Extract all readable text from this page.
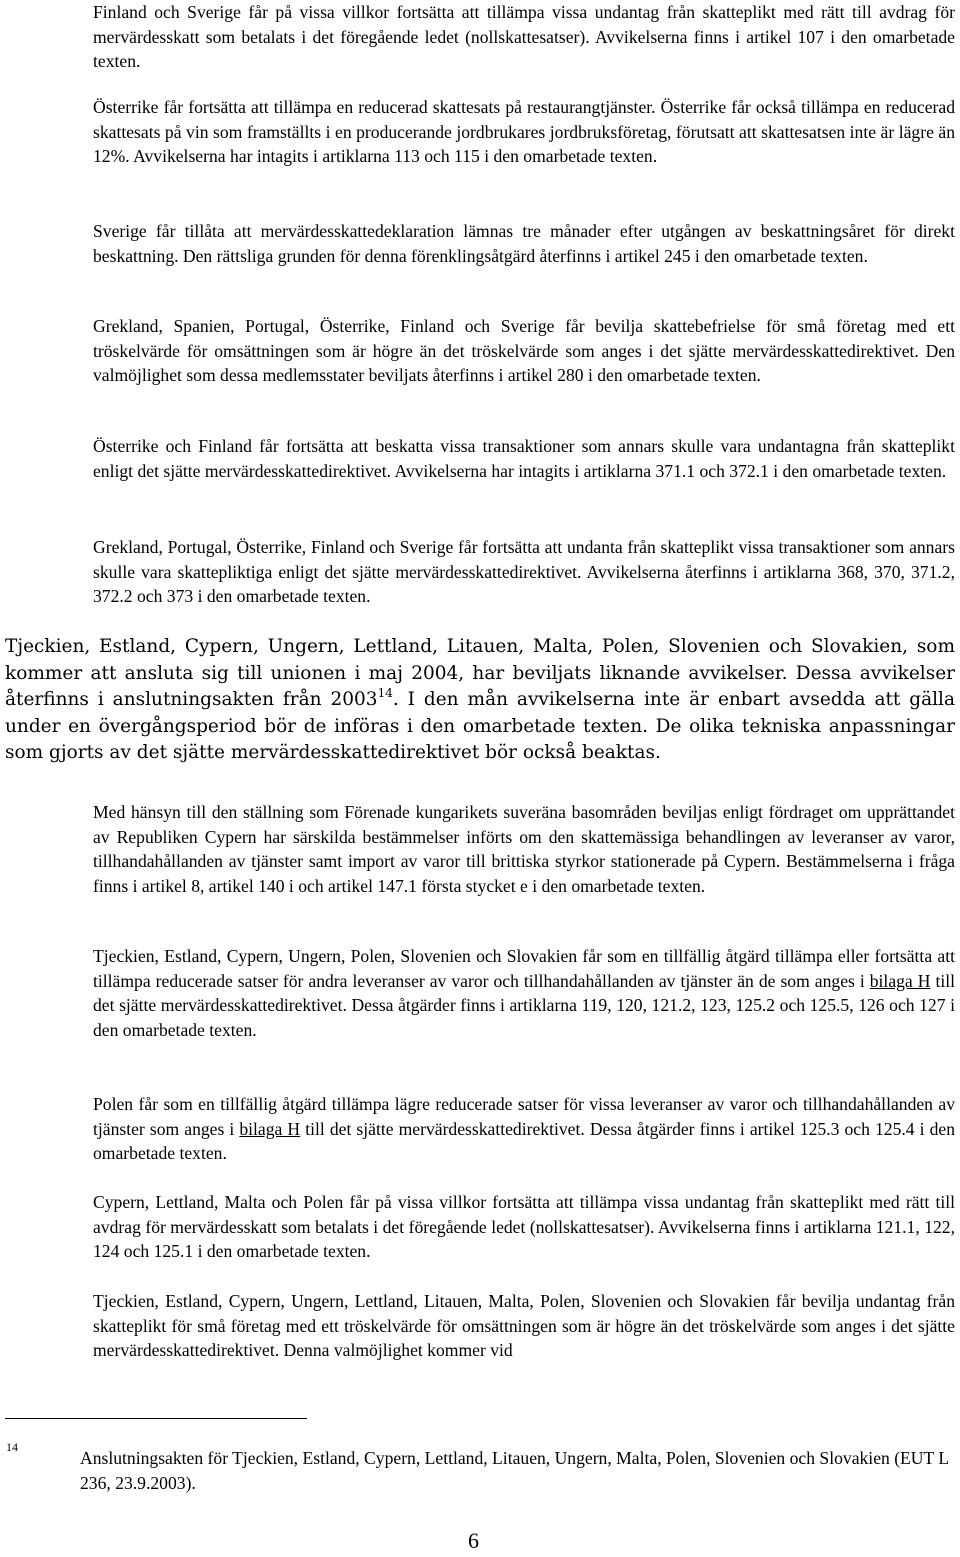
Finland och Sverige får på vissa villkor fortsätta att tillämpa vissa undantag från skatteplikt med rätt till avdrag för mervärdesskatt som betalats i det föregående ledet (nollskattesatser). Avvikelserna finns i artikel 107 i den omarbetade texten.

Österrike får fortsätta att tillämpa en reducerad skattesats på restaurangtjänster. Österrike får också tillämpa en reducerad skattesats på vin som framställts i en producerande jordbrukares jordbruksföretag, förutsatt att skattesatsen inte är lägre än 12%. Avvikelserna har intagits i artiklarna 113 och 115 i den omarbetade texten.

Sverige får tillåta att mervärdesskattedeklaration lämnas tre månader efter utgången av beskattningsåret för direkt beskattning. Den rättsliga grunden för denna förenklingsåtgärd återfinns i artikel 245 i den omarbetade texten.

Grekland, Spanien, Portugal, Österrike, Finland och Sverige får bevilja skattebefrielse för små företag med ett tröskelvärde för omsättningen som är högre än det tröskelvärde som anges i det sjätte mervärdesskattedirektivet. Den valmöjlighet som dessa medlemsstater beviljats återfinns i artikel 280 i den omarbetade texten.

Österrike och Finland får fortsätta att beskatta vissa transaktioner som annars skulle vara undantagna från skatteplikt enligt det sjätte mervärdesskattedirektivet. Avvikelserna har intagits i artiklarna 371.1 och 372.1 i den omarbetade texten.

Grekland, Portugal, Österrike, Finland och Sverige får fortsätta att undanta från skatteplikt vissa transaktioner som annars skulle vara skattepliktiga enligt det sjätte mervärdesskattedirektivet. Avvikelserna återfinns i artiklarna 368, 370, 371.2, 372.2 och 373 i den omarbetade texten.

Tjeckien, Estland, Cypern, Ungern, Lettland, Litauen, Malta, Polen, Slovenien och Slovakien, som kommer att ansluta sig till unionen i maj 2004, har beviljats liknande avvikelser. Dessa avvikelser återfinns i anslutningsakten från 2003$^{14}$. I den mån avvikelserna inte är enbart avsedda att gälla under en övergångsperiod bör de införas i den omarbetade texten. De olika tekniska anpassningar som gjorts av det sjätte mervärdesskattedirektivet bör också beaktas.

Med hänsyn till den ställning som Förenade kungarikets suveräna basområden beviljas enligt fördraget om upprättandet av Republiken Cypern har särskilda bestämmelser införts om den skattemässiga behandlingen av leveranser av varor, tillhandahållanden av tjänster samt import av varor till brittiska styrkor stationerade på Cypern. Bestämmelserna i fråga finns i artikel 8, artikel 140 i och artikel 147.1 första stycket e i den omarbetade texten.

Tjeckien, Estland, Cypern, Ungern, Polen, Slovenien och Slovakien får som en tillfällig åtgärd tillämpa eller fortsätta att tillämpa reducerade satser för andra leveranser av varor och tillhandahållanden av tjänster än de som anges i bilaga H till det sjätte mervärdesskattedirektivet. Dessa åtgärder finns i artiklarna 119, 120, 121.2, 123, 125.2 och 125.5, 126 och 127 i den omarbetade texten.

Polen får som en tillfällig åtgärd tillämpa lägre reducerade satser för vissa leveranser av varor och tillhandahållanden av tjänster som anges i bilaga H till det sjätte mervärdesskattedirektivet. Dessa åtgärder finns i artikel 125.3 och 125.4 i den omarbetade texten.

Cypern, Lettland, Malta och Polen får på vissa villkor fortsätta att tillämpa vissa undantag från skatteplikt med rätt till avdrag för mervärdesskatt som betalats i det föregående ledet (nollskattesatser). Avvikelserna finns i artiklarna 121.1, 122, 124 och 125.1 i den omarbetade texten.

Tjeckien, Estland, Cypern, Ungern, Lettland, Litauen, Malta, Polen, Slovenien och Slovakien får bevilja undantag från skatteplikt för små företag med ett tröskelvärde för omsättningen som är högre än det tröskelvärde som anges i det sjätte mervärdesskattedirektivet. Denna valmöjlighet kommer vid

14

Anslutningsakten för Tjeckien, Estland, Cypern, Lettland, Litauen, Ungern, Malta, Polen, Slovenien och Slovakien (EUT L 236, 23.9.2003).

6
